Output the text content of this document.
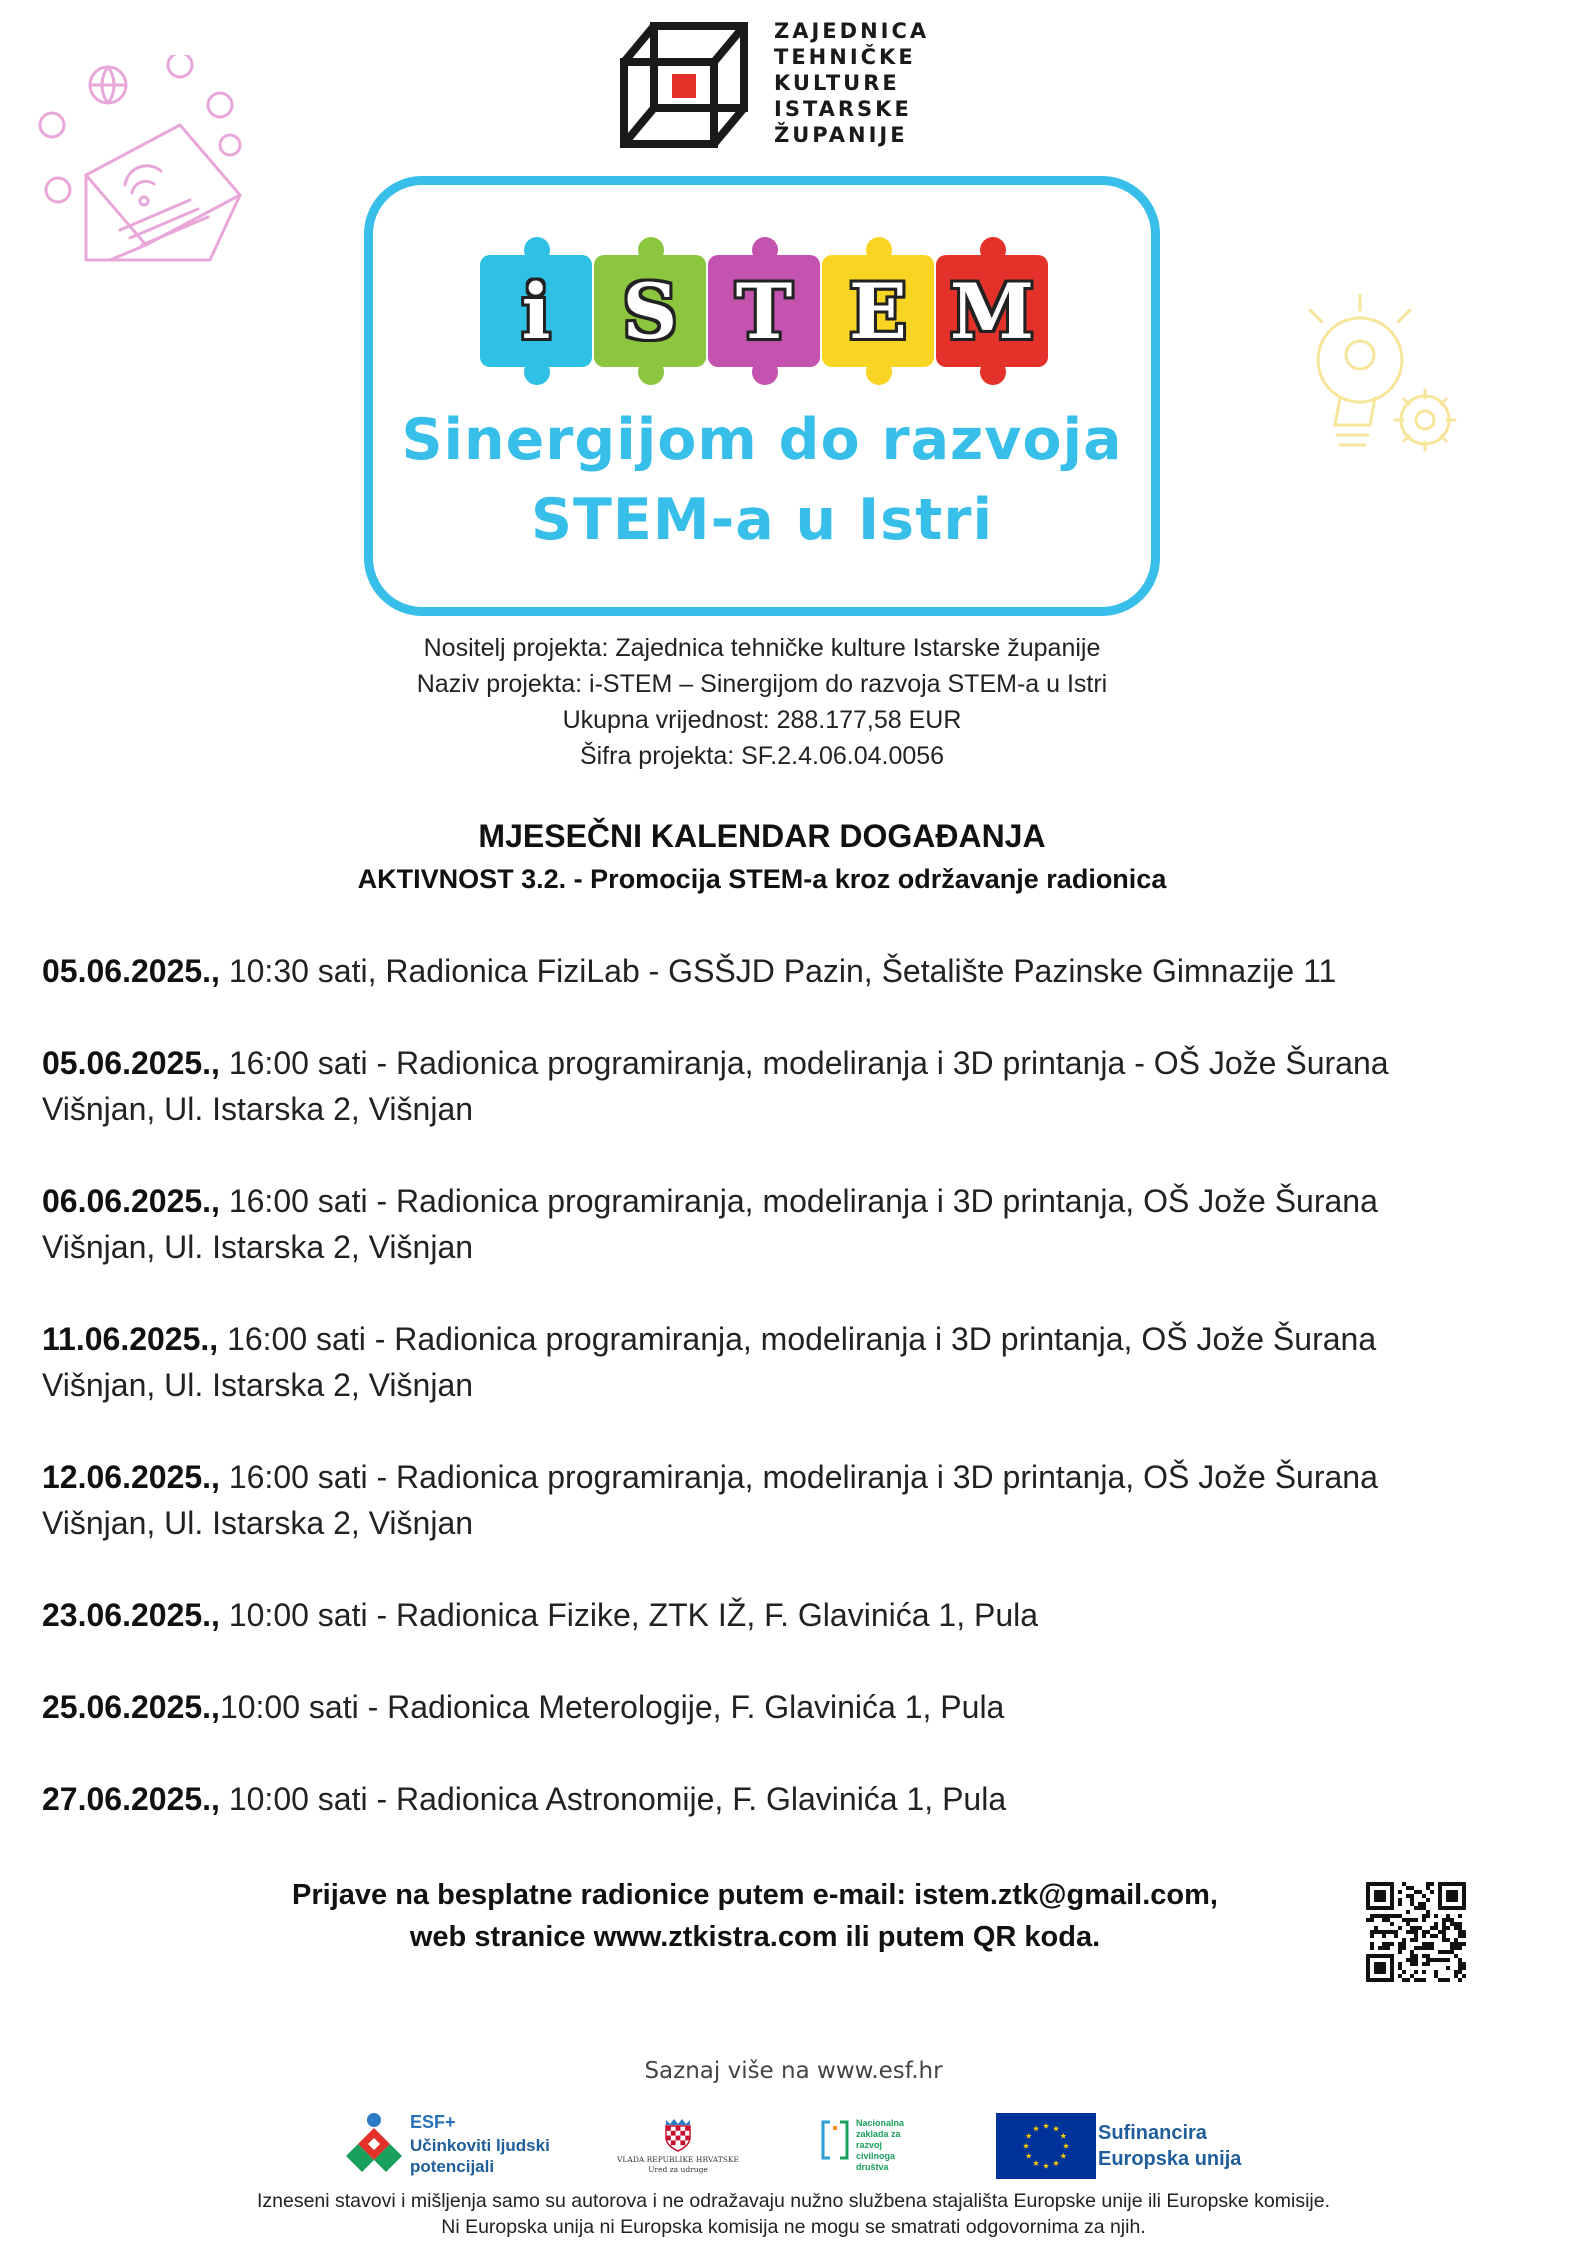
ZAJEDNICA
TEHNIČKE
KULTURE
ISTARSKE
ŽUPANIJE
i S T E M
Sinergijom do razvoja
STEM-a u Istri
Nositelj projekta: Zajednica tehničke kulture Istarske županije
Naziv projekta: i-STEM – Sinergijom do razvoja STEM-a u Istri
Ukupna vrijednost: 288.177,58 EUR
Šifra projekta: SF.2.4.06.04.0056
MJESEČNI KALENDAR DOGAĐANJA
AKTIVNOST 3.2. - Promocija STEM-a kroz održavanje radionica
05.06.2025., 10:30 sati, Radionica FiziLab - GSŠJD Pazin, Šetalište Pazinske Gimnazije 11
05.06.2025., 16:00 sati - Radionica programiranja, modeliranja i 3D printanja - OŠ Jože Šurana
Višnjan, Ul. Istarska 2, Višnjan
06.06.2025., 16:00 sati - Radionica programiranja, modeliranja i 3D printanja, OŠ Jože Šurana
Višnjan, Ul. Istarska 2, Višnjan
11.06.2025., 16:00 sati - Radionica programiranja, modeliranja i 3D printanja, OŠ Jože Šurana
Višnjan, Ul. Istarska 2, Višnjan
12.06.2025., 16:00 sati - Radionica programiranja, modeliranja i 3D printanja, OŠ Jože Šurana
Višnjan, Ul. Istarska 2, Višnjan
23.06.2025., 10:00 sati - Radionica Fizike, ZTK IŽ, F. Glavinića 1, Pula
25.06.2025.,10:00 sati - Radionica Meterologije, F. Glavinića 1, Pula
27.06.2025., 10:00 sati - Radionica Astronomije, F. Glavinića 1, Pula
Prijave na besplatne radionice putem e-mail: istem.ztk@gmail.com,
web stranice www.ztkistra.com ili putem QR koda.
Saznaj više na www.esf.hr
ESF+
Učinkoviti ljudski
potencijali	VLADA REPUBLIKE HRVATSKE
Ured za udruge
Nacionalna
zaklada za
razvoj
civilnoga
društva
Sufinancira
Europska unija
Izneseni stavovi i mišljenja samo su autorova i ne odražavaju nužno službena stajališta Europske unije ili Europske komisije.
Ni Europska unija ni Europska komisija ne mogu se smatrati odgovornima za njih.
